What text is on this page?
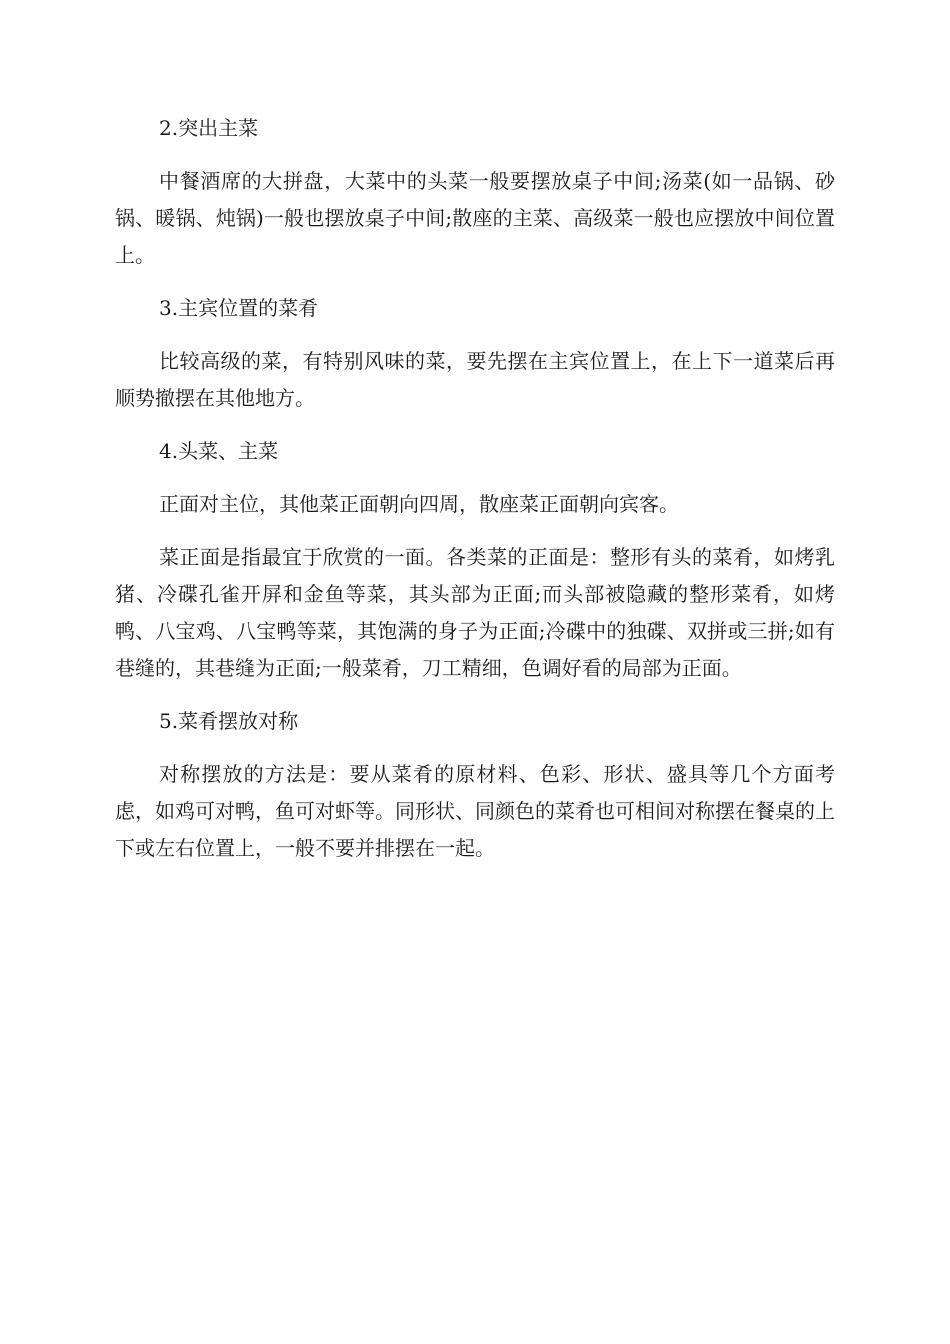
2.突出主菜

中餐酒席的大拼盘，大菜中的头菜一般要摆放桌子中间;汤菜(如一品锅、砂锅、暖锅、炖锅)一般也摆放桌子中间;散座的主菜、高级菜一般也应摆放中间位置上。

3.主宾位置的菜肴

比较高级的菜，有特别风味的菜，要先摆在主宾位置上，在上下一道菜后再顺势撤摆在其他地方。

4.头菜、主菜

正面对主位，其他菜正面朝向四周，散座菜正面朝向宾客。

菜正面是指最宜于欣赏的一面。各类菜的正面是：整形有头的菜肴，如烤乳猪、冷碟孔雀开屏和金鱼等菜，其头部为正面;而头部被隐藏的整形菜肴，如烤鸭、八宝鸡、八宝鸭等菜，其饱满的身子为正面;冷碟中的独碟、双拼或三拼;如有巷缝的，其巷缝为正面;一般菜肴，刀工精细，色调好看的局部为正面。

5.菜肴摆放对称

对称摆放的方法是：要从菜肴的原材料、色彩、形状、盛具等几个方面考虑，如鸡可对鸭，鱼可对虾等。同形状、同颜色的菜肴也可相间对称摆在餐桌的上下或左右位置上，一般不要并排摆在一起。
